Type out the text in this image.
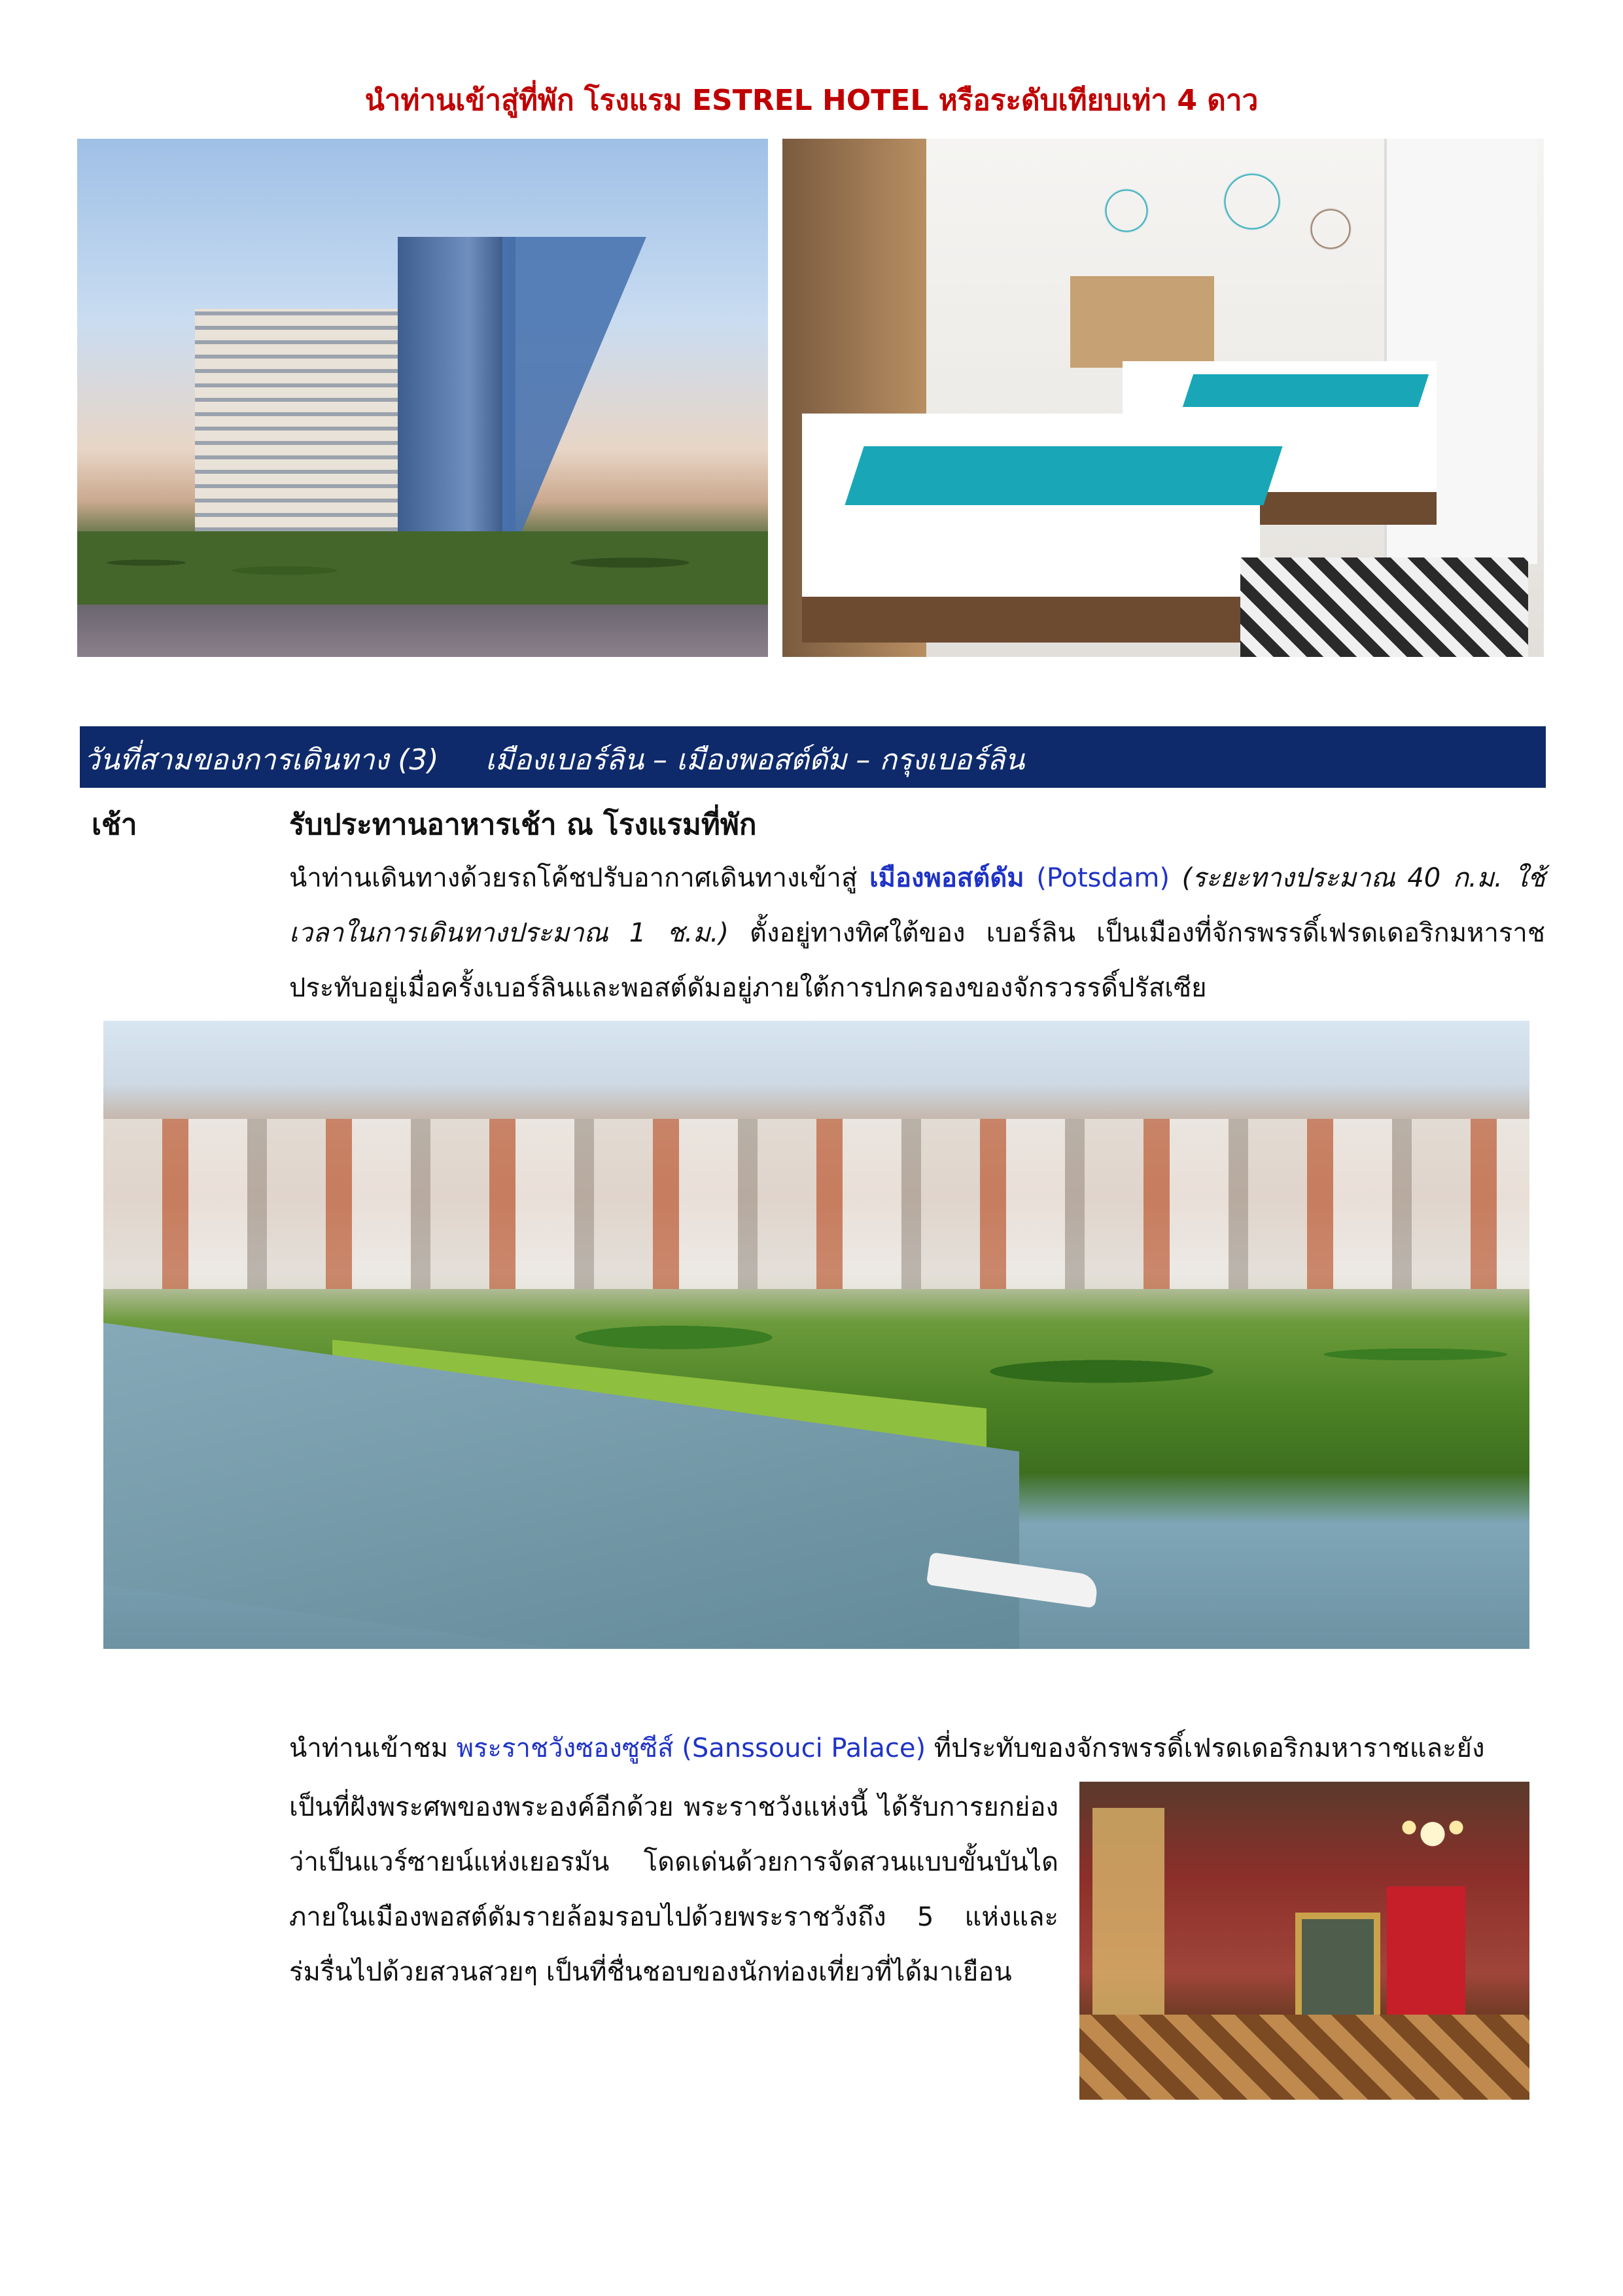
นำท่านเข้าสู่ที่พัก โรงแรม ESTREL HOTEL หรือระดับเทียบเท่า 4 ดาว
วันที่สามของการเดินทาง (3) เมืองเบอร์ลิน – เมืองพอสต์ดัม – กรุงเบอร์ลิน
เช้า	รับประทานอาหารเช้า ณ โรงแรมที่พัก
นำท่านเดินทางด้วยรถโค้ชปรับอากาศเดินทางเข้าสู่ เมืองพอสต์ดัม (Potsdam) (ระยะทางประมาณ 40 ก.ม. ใช้เวลาในการเดินทางประมาณ 1 ช.ม.) ตั้งอยู่ทางทิศใต้ของ เบอร์ลิน เป็นเมืองที่จักรพรรดิ์เฟรดเดอริกมหาราช ประทับอยู่เมื่อครั้งเบอร์ลินและพอสต์ดัมอยู่ภายใต้การปกครองของจักรวรรดิ์ปรัสเซีย
นำท่านเข้าชม พระราชวังซองซูซีส์ (Sanssouci Palace) ที่ประทับของจักรพรรดิ์เฟรดเดอริกมหาราชและยัง
เป็นที่ฝังพระศพของพระองค์อีกด้วย พระราชวังแห่งนี้ ได้รับการยกย่องว่าเป็นแวร์ซายน์แห่งเยอรมัน โดดเด่นด้วยการจัดสวนแบบขั้นบันได ภายในเมืองพอสต์ดัมรายล้อมรอบไปด้วยพระราชวังถึง 5 แห่งและร่มรื่นไปด้วยสวนสวยๆ เป็นที่ชื่นชอบของนักท่องเที่ยวที่ได้มาเยือน
